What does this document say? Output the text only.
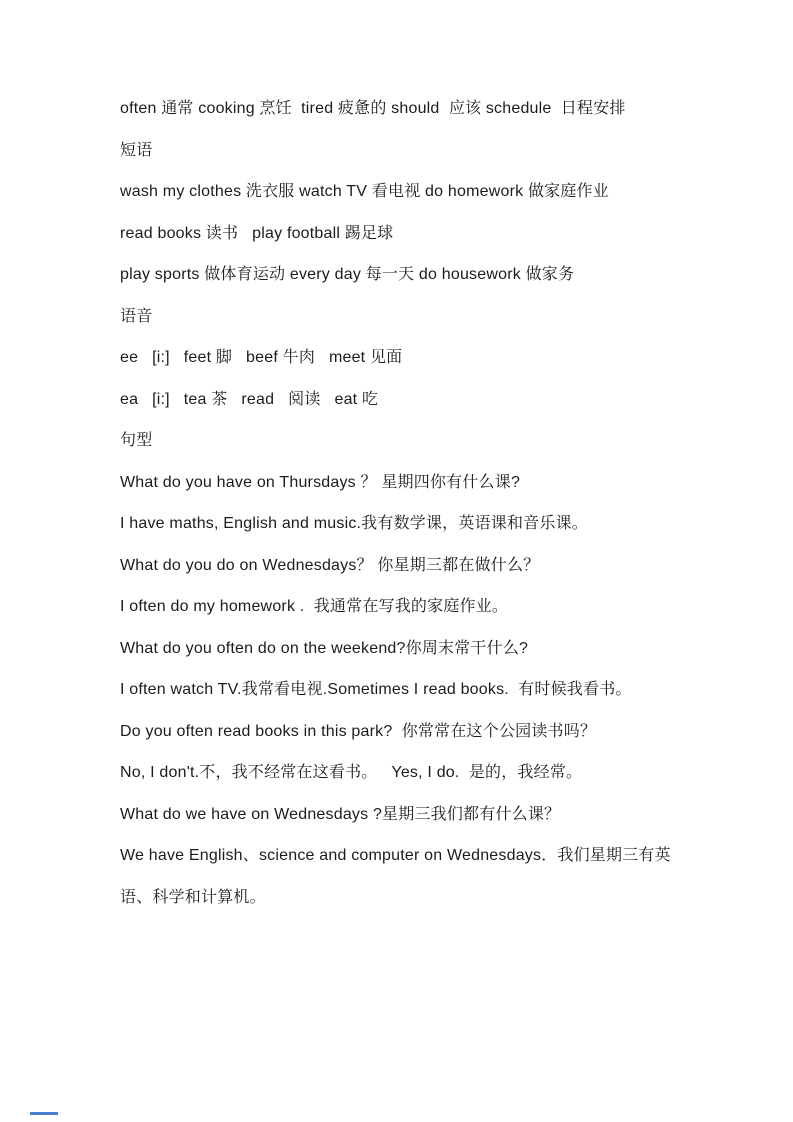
often 通常 cooking 烹饪  tired 疲惫的 should  应该 schedule  日程安排

短语

wash my clothes 洗衣服 watch TV 看电视 do homework 做家庭作业

read books 读书   play football 踢足球

play sports 做体育运动 every day 每一天 do housework 做家务

语音

ee   [i:]   feet 脚   beef 牛肉   meet 见面

ea   [i:]   tea 茶   read   阅读   eat 吃

句型

What do you have on Thursdays ？ 星期四你有什么课?

I have maths, English and music.我有数学课，英语课和音乐课。

What do you do on Wednesdays？ 你星期三都在做什么？

I often do my homework .  我通常在写我的家庭作业。

What do you often do on the weekend?你周末常干什么?

I often watch TV.我常看电视.Sometimes I read books.  有时候我看书。

Do you often read books in this park?  你常常在这个公园读书吗？

No, I don't.不，我不经常在这看书。   Yes, I do.  是的，我经常。

What do we have on Wednesdays ?星期三我们都有什么课？

We have English、science and computer on Wednesdays．我们星期三有英语、科学和计算机。
